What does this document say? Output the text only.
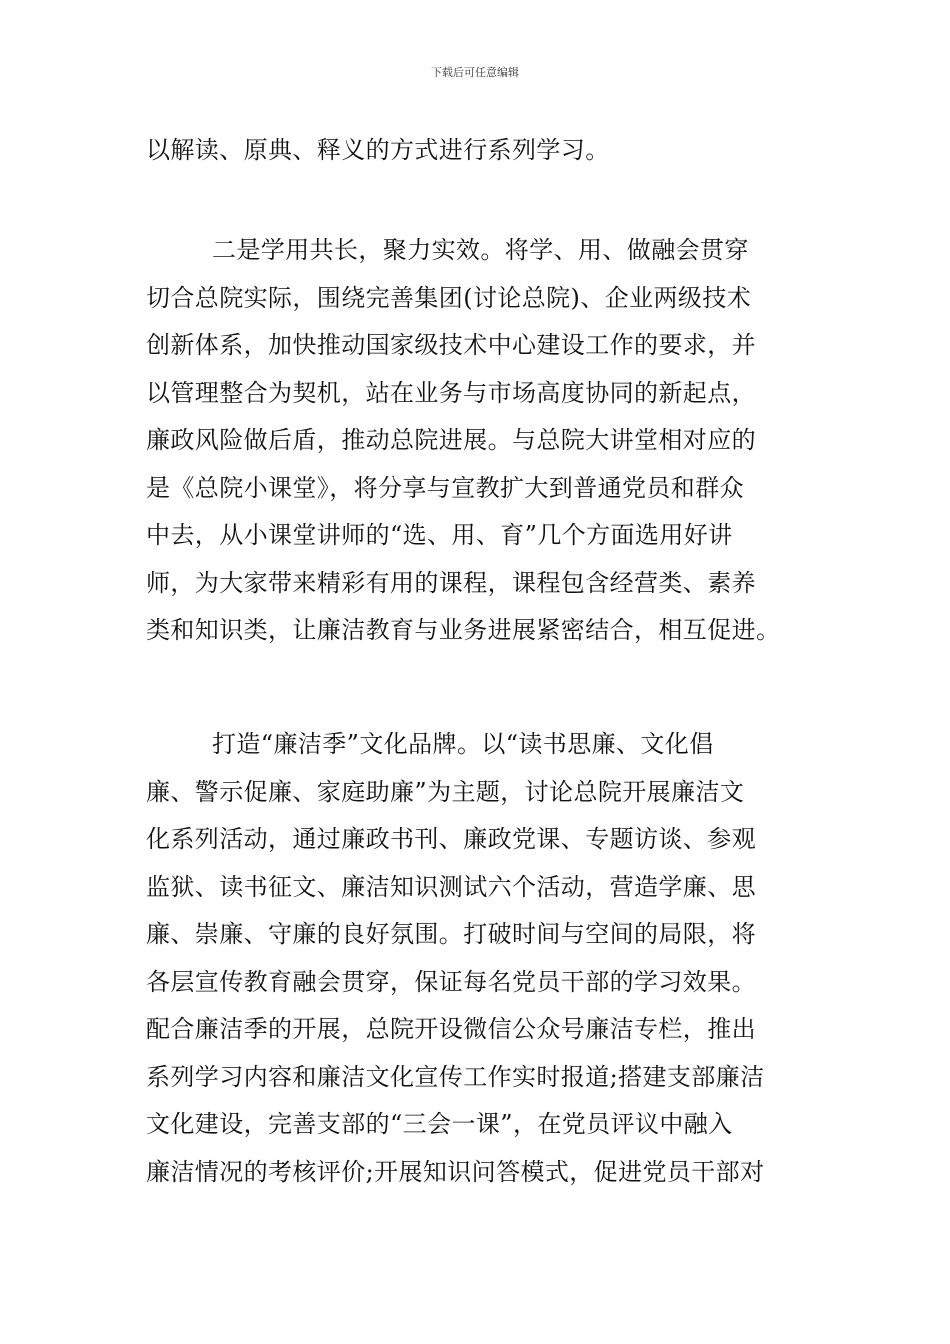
下载后可任意编辑
以解读、原典、释义的方式进行系列学习。
二是学用共长，聚力实效。将学、用、做融会贯穿
切合总院实际，围绕完善集团(讨论总院)、企业两级技术
创新体系，加快推动国家级技术中心建设工作的要求，并
以管理整合为契机，站在业务与市场高度协同的新起点，
廉政风险做后盾，推动总院进展。与总院大讲堂相对应的
是《总院小课堂》，将分享与宣教扩大到普通党员和群众
中去，从小课堂讲师的“选、用、育”几个方面选用好讲
师，为大家带来精彩有用的课程，课程包含经营类、素养
类和知识类，让廉洁教育与业务进展紧密结合，相互促进。
打造“廉洁季”文化品牌。以“读书思廉、文化倡
廉、警示促廉、家庭助廉”为主题，讨论总院开展廉洁文
化系列活动，通过廉政书刊、廉政党课、专题访谈、参观
监狱、读书征文、廉洁知识测试六个活动，营造学廉、思
廉、崇廉、守廉的良好氛围。打破时间与空间的局限，将
各层宣传教育融会贯穿，保证每名党员干部的学习效果。
配合廉洁季的开展，总院开设微信公众号廉洁专栏，推出
系列学习内容和廉洁文化宣传工作实时报道;搭建支部廉洁
文化建设，完善支部的“三会一课”，在党员评议中融入
廉洁情况的考核评价;开展知识问答模式，促进党员干部对
